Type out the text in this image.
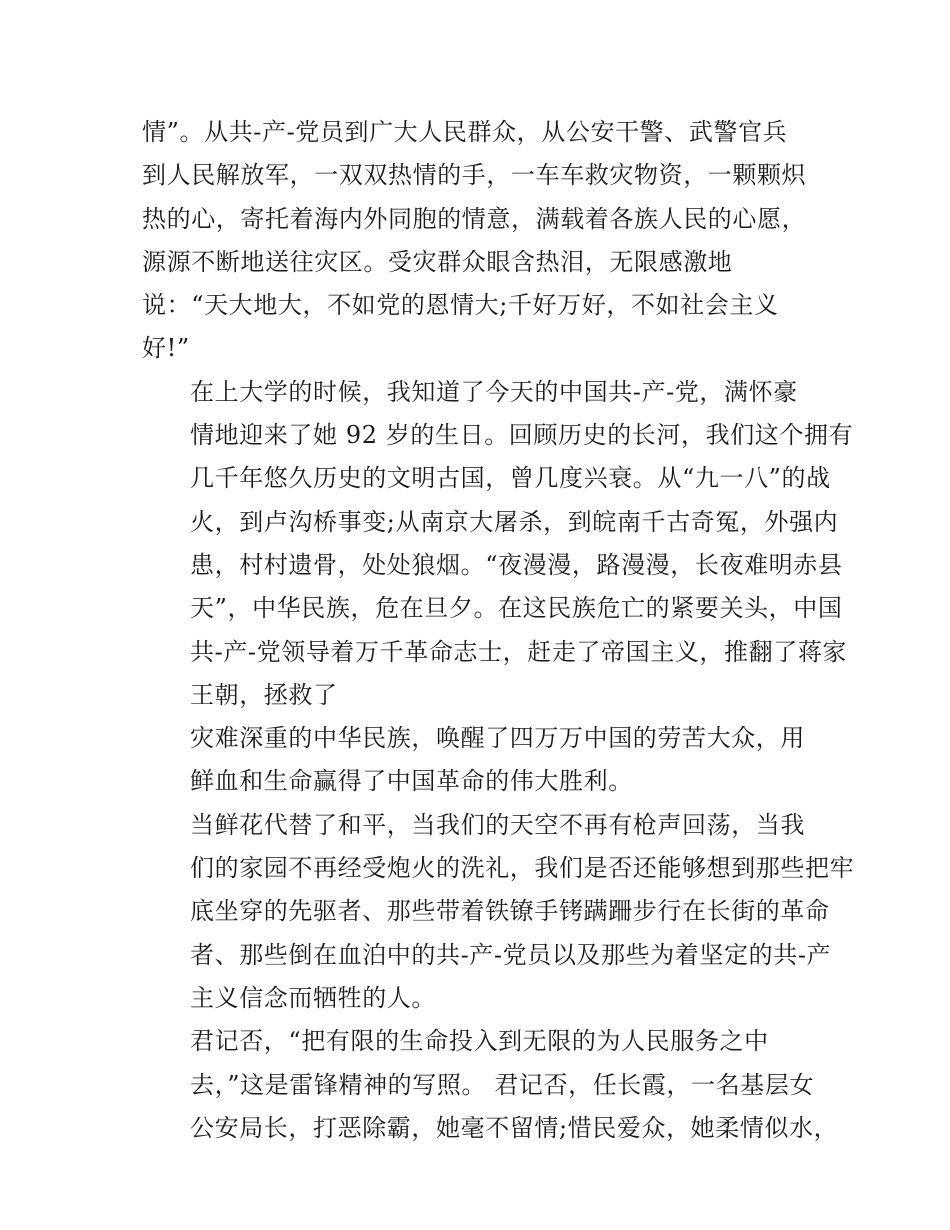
情”。从共-产-党员到广大人民群众，从公安干警、武警官兵
到人民解放军，一双双热情的手，一车车救灾物资，一颗颗炽
热的心，寄托着海内外同胞的情意，满载着各族人民的心愿，
源源不断地送往灾区。受灾群众眼含热泪，无限感激地
说：“天大地大，不如党的恩情大;千好万好，不如社会主义
好!”
在上大学的时候，我知道了今天的中国共-产-党，满怀豪
情地迎来了她 92 岁的生日。回顾历史的长河，我们这个拥有
几千年悠久历史的文明古国，曾几度兴衰。从“九一八”的战
火，到卢沟桥事变;从南京大屠杀，到皖南千古奇冤，外强内
患，村村遗骨，处处狼烟。“夜漫漫，路漫漫，长夜难明赤县
天”，中华民族，危在旦夕。在这民族危亡的紧要关头，中国
共-产-党领导着万千革命志士，赶走了帝国主义，推翻了蒋家
王朝，拯救了
灾难深重的中华民族，唤醒了四万万中国的劳苦大众，用
鲜血和生命赢得了中国革命的伟大胜利。
当鲜花代替了和平，当我们的天空不再有枪声回荡，当我
们的家园不再经受炮火的洗礼，我们是否还能够想到那些把牢
底坐穿的先驱者、那些带着铁镣手铐蹒跚步行在长街的革命
者、那些倒在血泊中的共-产-党员以及那些为着坚定的共-产
主义信念而牺牲的人。
君记否，“把有限的生命投入到无限的为人民服务之中
去，”这是雷锋精神的写照。 君记否，任长霞，一名基层女
公安局长，打恶除霸，她毫不留情;惜民爱众，她柔情似水，
